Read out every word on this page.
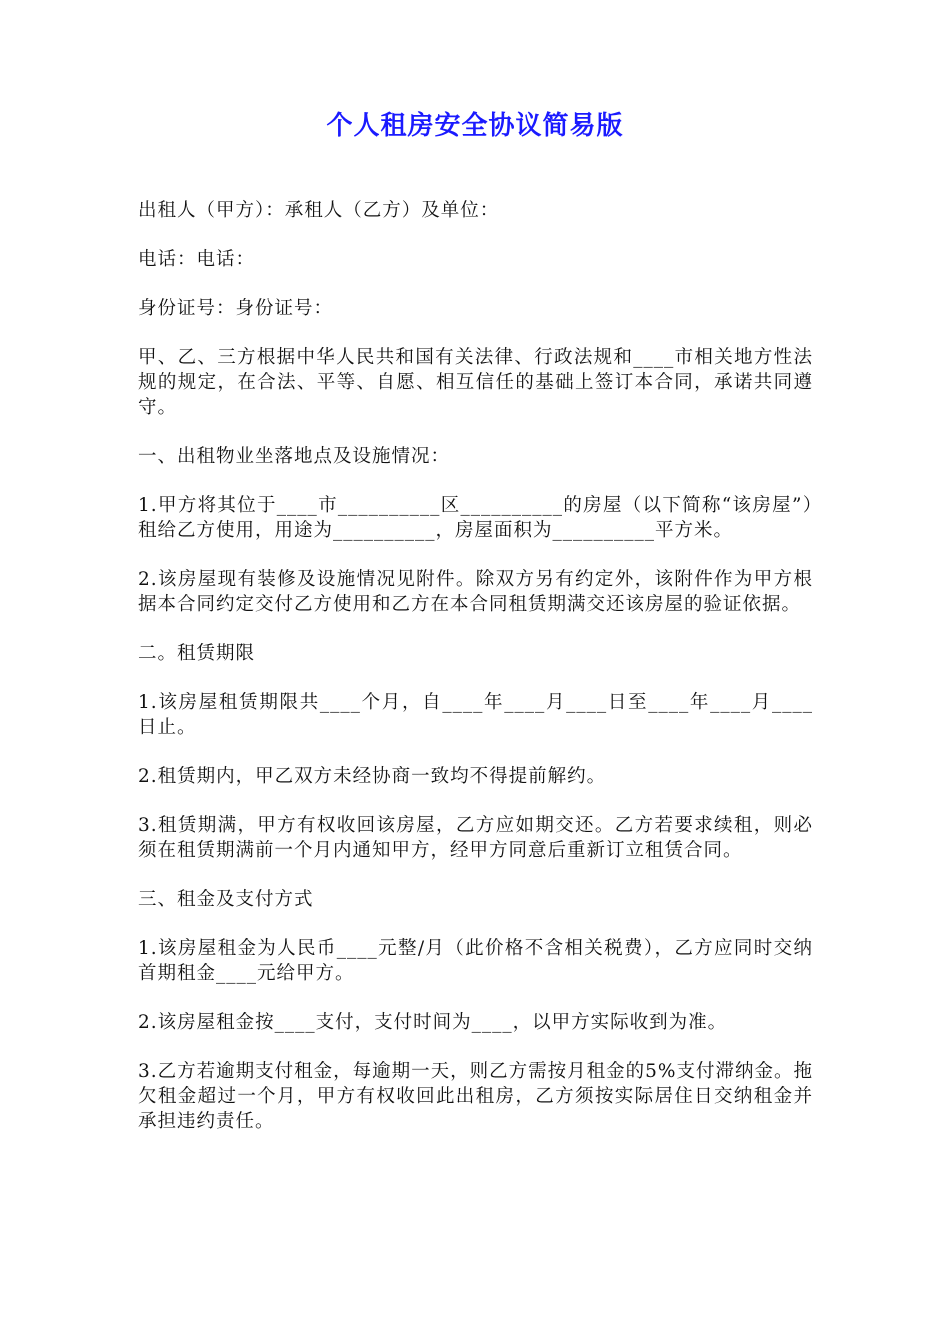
个人租房安全协议简易版

出租人（甲方）：承租人（乙方）及单位：

电话：电话：

身份证号：身份证号：

甲、乙、三方根据中华人民共和国有关法律、行政法规和____市相关地方性法规的规定，在合法、平等、自愿、相互信任的基础上签订本合同，承诺共同遵守。

一、出租物业坐落地点及设施情况：

1.甲方将其位于____市__________区__________的房屋（以下简称“该房屋”）租给乙方使用，用途为__________，房屋面积为__________平方米。

2.该房屋现有装修及设施情况见附件。除双方另有约定外，该附件作为甲方根据本合同约定交付乙方使用和乙方在本合同租赁期满交还该房屋的验证依据。

二。租赁期限

1.该房屋租赁期限共____个月，自____年____月____日至____年____月____日止。

2.租赁期内，甲乙双方未经协商一致均不得提前解约。

3.租赁期满，甲方有权收回该房屋，乙方应如期交还。乙方若要求续租，则必须在租赁期满前一个月内通知甲方，经甲方同意后重新订立租赁合同。

三、租金及支付方式

1.该房屋租金为人民币____元整/月（此价格不含相关税费），乙方应同时交纳首期租金____元给甲方。

2.该房屋租金按____支付，支付时间为____，以甲方实际收到为准。

3.乙方若逾期支付租金，每逾期一天，则乙方需按月租金的5%支付滞纳金。拖欠租金超过一个月，甲方有权收回此出租房，乙方须按实际居住日交纳租金并承担违约责任。
